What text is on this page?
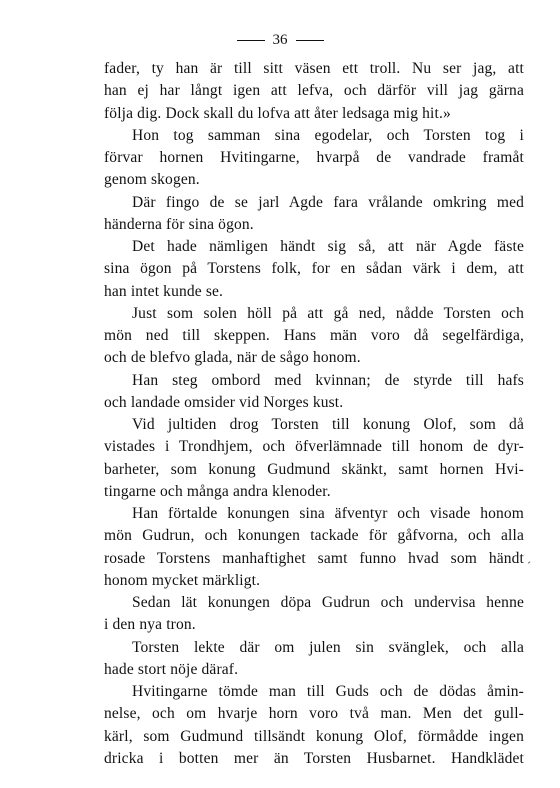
36
fader, ty han är till sitt väsen ett troll. Nu ser jag, att
han ej har långt igen att lefva, och därför vill jag gärna
följa dig. Dock skall du lofva att åter ledsaga mig hit.»
Hon tog samman sina egodelar, och Torsten tog i
förvar hornen Hvitingarne, hvarpå de vandrade framåt
genom skogen.
Där fingo de se jarl Agde fara vrålande omkring med
händerna för sina ögon.
Det hade nämligen händt sig så, att när Agde fäste
sina ögon på Torstens folk, for en sådan värk i dem, att
han intet kunde se.
Just som solen höll på att gå ned, nådde Torsten och
mön ned till skeppen. Hans män voro då segelfärdiga,
och de blefvo glada, när de sågo honom.
Han steg ombord med kvinnan; de styrde till hafs
och landade omsider vid Norges kust.
Vid jultiden drog Torsten till konung Olof, som då
vistades i Trondhjem, och öfverlämnade till honom de dyr-
barheter, som konung Gudmund skänkt, samt hornen Hvi-
tingarne och många andra klenoder.
Han förtalde konungen sina äfventyr och visade honom
mön Gudrun, och konungen tackade för gåfvorna, och alla
rosade Torstens manhaftighet samt funno hvad som händt
honom mycket märkligt.
Sedan lät konungen döpa Gudrun och undervisa henne
i den nya tron.
Torsten lekte där om julen sin svänglek, och alla
hade stort nöje däraf.
Hvitingarne tömde man till Guds och de dödas åmin-
nelse, och om hvarje horn voro två man. Men det gull-
kärl, som Gudmund tillsändt konung Olof, förmådde ingen
dricka i botten mer än Torsten Husbarnet. Handklädet
´
